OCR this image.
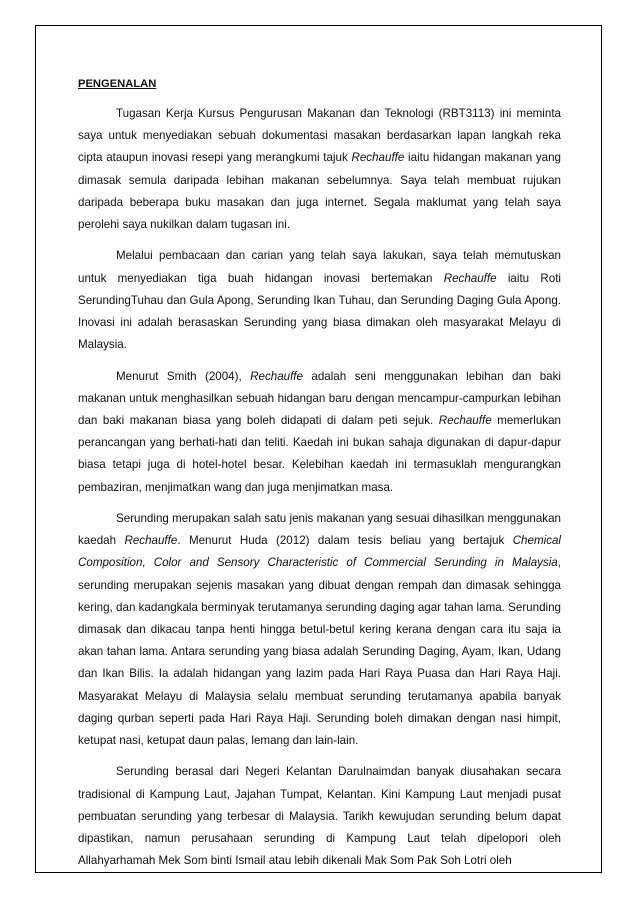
PENGENALAN

Tugasan Kerja Kursus Pengurusan Makanan dan Teknologi (RBT3113) ini meminta saya untuk menyediakan sebuah dokumentasi masakan berdasarkan lapan langkah reka cipta ataupun inovasi resepi yang merangkumi tajuk Rechauffe iaitu hidangan makanan yang dimasak semula daripada lebihan makanan sebelumnya. Saya telah membuat rujukan daripada beberapa buku masakan dan juga internet. Segala maklumat yang telah saya perolehi saya nukilkan dalam tugasan ini.

Melalui pembacaan dan carian yang telah saya lakukan, saya telah memutuskan untuk menyediakan tiga buah hidangan inovasi bertemakan Rechauffe iaitu Roti SerundingTuhau dan Gula Apong, Serunding Ikan Tuhau, dan Serunding Daging Gula Apong. Inovasi ini adalah berasaskan Serunding yang biasa dimakan oleh masyarakat Melayu di Malaysia.

Menurut Smith (2004), Rechauffe adalah seni menggunakan lebihan dan baki makanan untuk menghasilkan sebuah hidangan baru dengan mencampur-campurkan lebihan dan baki makanan biasa yang boleh didapati di dalam peti sejuk. Rechauffe memerlukan perancangan yang berhati-hati dan teliti. Kaedah ini bukan sahaja digunakan di dapur-dapur biasa tetapi juga di hotel-hotel besar. Kelebihan kaedah ini termasuklah mengurangkan pembaziran, menjimatkan wang dan juga menjimatkan masa.

Serunding merupakan salah satu jenis makanan yang sesuai dihasilkan menggunakan kaedah Rechauffe. Menurut Huda (2012) dalam tesis beliau yang bertajuk Chemical Composition, Color and Sensory Characteristic of Commercial Serunding in Malaysia, serunding merupakan sejenis masakan yang dibuat dengan rempah dan dimasak sehingga kering, dan kadangkala berminyak terutamanya serunding daging agar tahan lama. Serunding dimasak dan dikacau tanpa henti hingga betul-betul kering kerana dengan cara itu saja ia akan tahan lama. Antara serunding yang biasa adalah Serunding Daging, Ayam, Ikan, Udang dan Ikan Bilis. Ia adalah hidangan yang lazim pada Hari Raya Puasa dan Hari Raya Haji. Masyarakat Melayu di Malaysia selalu membuat serunding terutamanya apabila banyak daging qurban seperti pada Hari Raya Haji. Serunding boleh dimakan dengan nasi himpit, ketupat nasi, ketupat daun palas, lemang dan lain-lain.

Serunding berasal dari Negeri Kelantan Darulnaimdan banyak diusahakan secara tradisional di Kampung Laut, Jajahan Tumpat, Kelantan. Kini Kampung Laut menjadi pusat pembuatan serunding yang terbesar di Malaysia. Tarikh kewujudan serunding belum dapat dipastikan, namun perusahaan serunding di Kampung Laut telah dipelopori oleh Allahyarhamah Mek Som binti Ismail atau lebih dikenali Mak Som Pak Soh Lotri oleh
